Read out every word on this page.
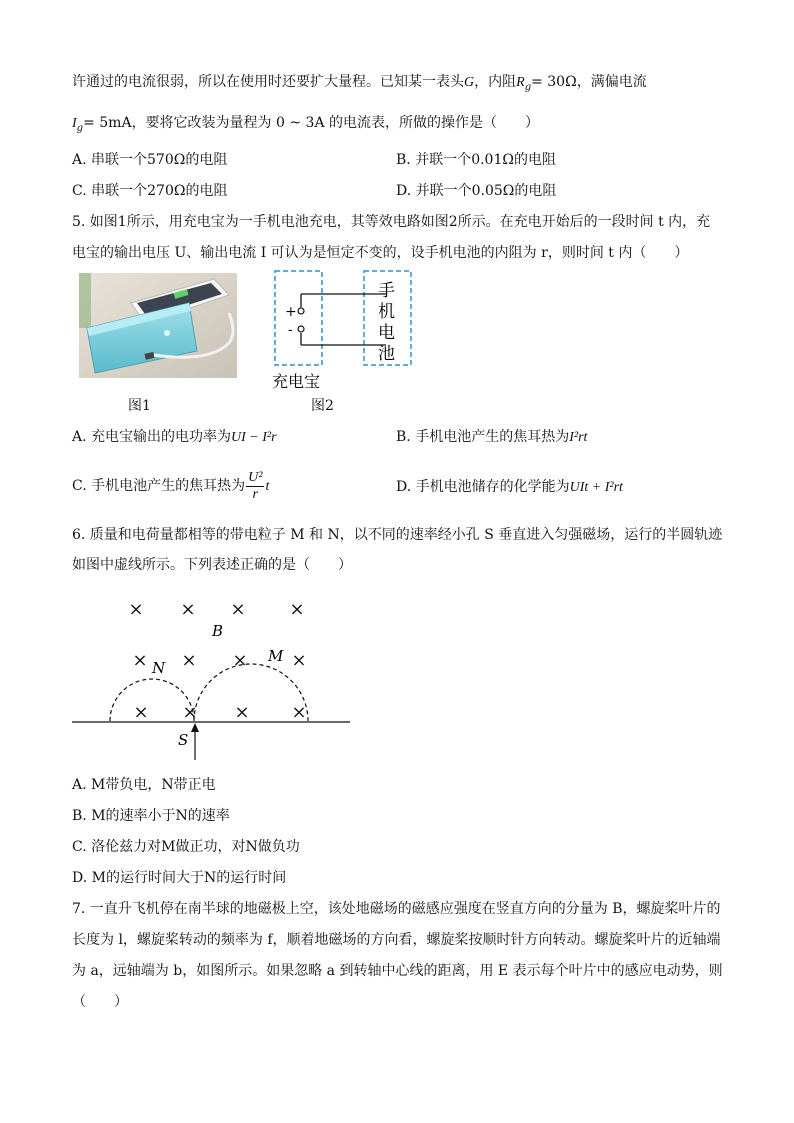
许通过的电流很弱，所以在使用时还要扩大量程。已知某一表头G，内阻$R_g= 30\Omega$，满偏电流
$I_g= 5mA$，要将它改装为量程为 0 ~ 3A 的电流表，所做的操作是（　　）
A. 串联一个570Ω的电阻	B. 并联一个0.01Ω的电阻
C. 串联一个270Ω的电阻	D. 并联一个0.05Ω的电阻
5. 如图1所示，用充电宝为一手机电池充电，其等效电路如图2所示。在充电开始后的一段时间 t 内，充
电宝的输出电压 U、输出电流 I 可认为是恒定不变的，设手机电池的内阻为 r，则时间 t 内（　　）
图1
+
-
手
机
电
池
充电宝
图2
A. 充电宝输出的电功率为UI − I²r	B. 手机电池产生的焦耳热为I²rt
C. 手机电池产生的焦耳热为 $\frac{\text{U²}}{r}$ t	D. 手机电池储存的化学能为UIt + I²rt
6. 质量和电荷量都相等的带电粒子 M 和 N，以不同的速率经小孔 S 垂直进入匀强磁场，运行的半圆轨迹
如图中虚线所示。下列表述正确的是（　　）
× × × ×
× × × ×
× × × ×
B
N
M
S
A. M带负电，N带正电
B. M的速率小于N的速率
C. 洛伦兹力对M做正功，对N做负功
D. M的运行时间大于N的运行时间
7. 一直升飞机停在南半球的地磁极上空，该处地磁场的磁感应强度在竖直方向的分量为 B，螺旋桨叶片的
长度为 l，螺旋桨转动的频率为 f，顺着地磁场的方向看，螺旋桨按顺时针方向转动。螺旋桨叶片的近轴端
为 a，远轴端为 b，如图所示。如果忽略 a 到转轴中心线的距离，用 E 表示每个叶片中的感应电动势，则
（　　）
